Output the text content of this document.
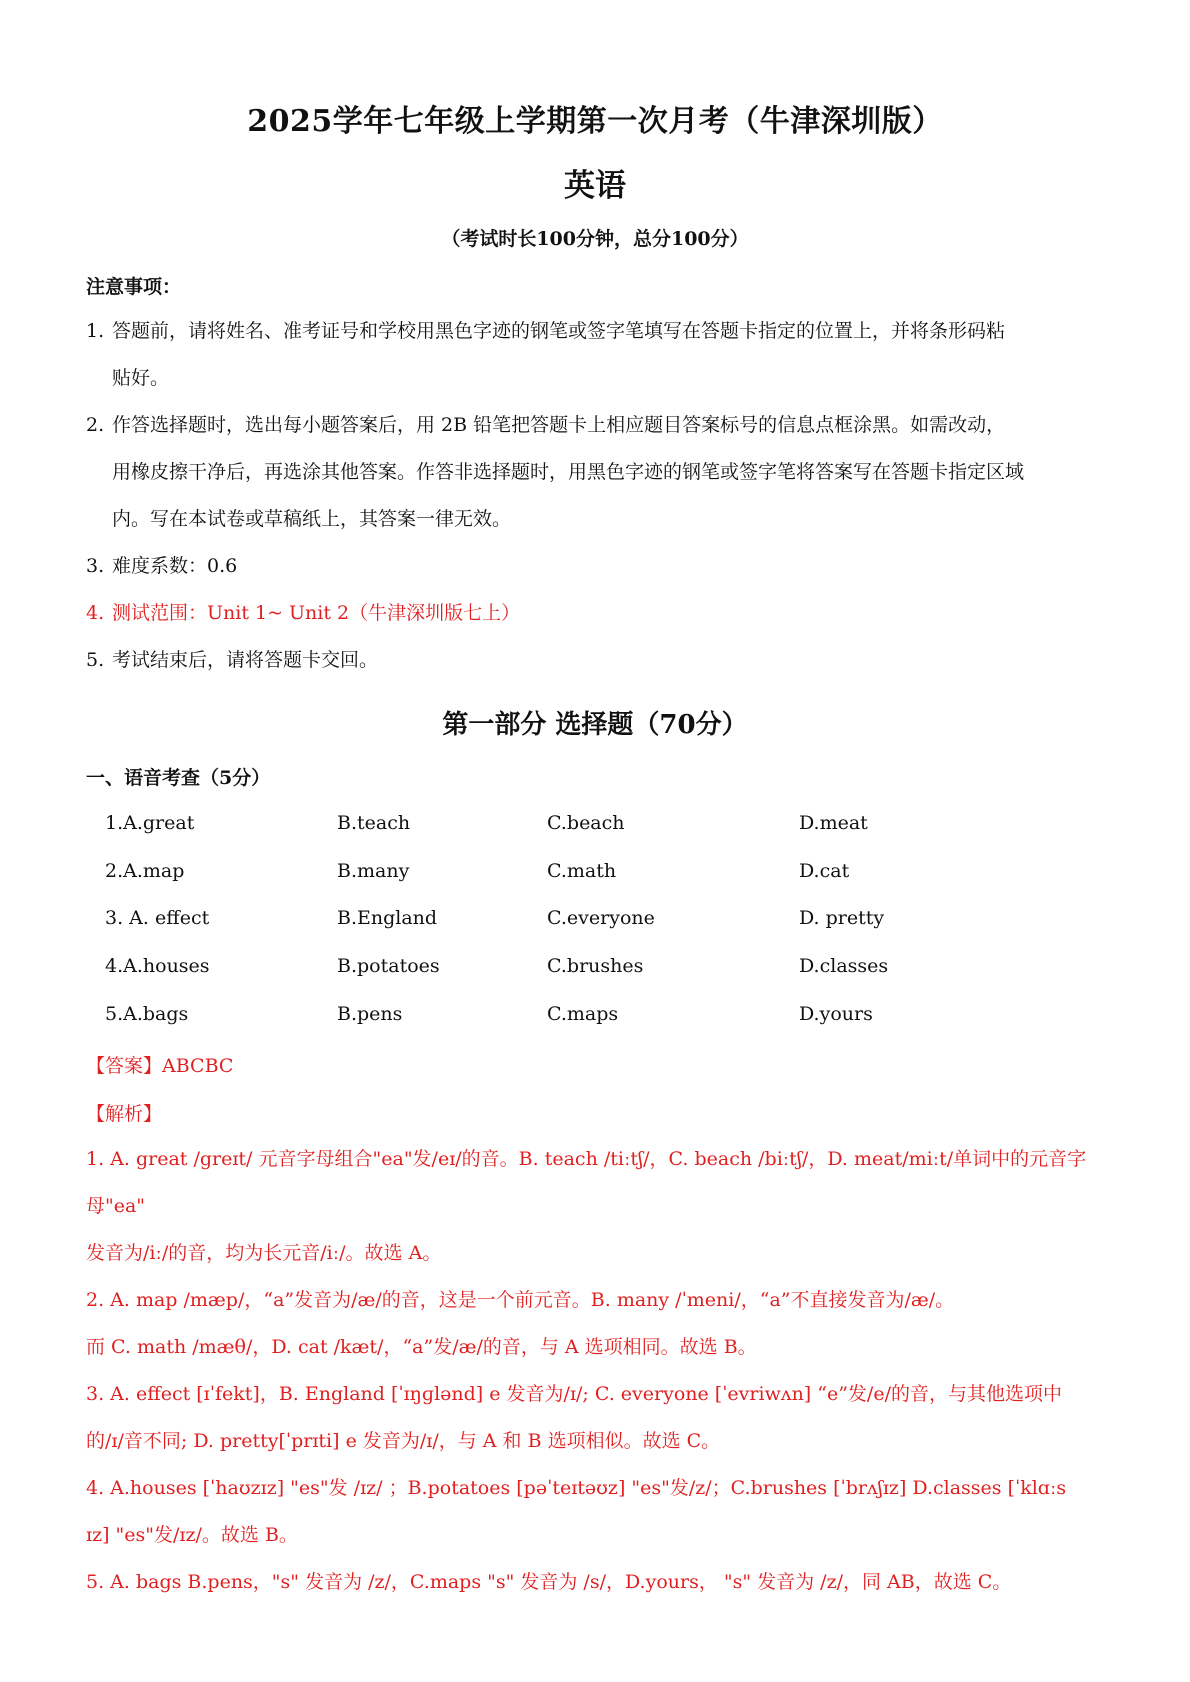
2025学年七年级上学期第一次月考（牛津深圳版）
英语
（考试时长100分钟，总分100分）
注意事项：
1. 答题前，请将姓名、准考证号和学校用黑色字迹的钢笔或签字笔填写在答题卡指定的位置上，并将条形码粘
贴好。
2. 作答选择题时，选出每小题答案后，用 2B 铅笔把答题卡上相应题目答案标号的信息点框涂黑。如需改动，
用橡皮擦干净后，再选涂其他答案。作答非选择题时，用黑色字迹的钢笔或签字笔将答案写在答题卡指定区域
内。写在本试卷或草稿纸上，其答案一律无效。
3. 难度系数：0.6
4. 测试范围：Unit 1~ Unit 2（牛津深圳版七上）
5. 考试结束后，请将答题卡交回。
第一部分 选择题（70分）
一、语音考查（5分）
1.A.great	B.teach	C.beach	D.meat
2.A.map	B.many	C.math	D.cat
3. A. effect	B.England	C.everyone	D. pretty
4.A.houses	B.potatoes	C.brushes	D.classes
5.A.bags	B.pens	C.maps	D.yours
【答案】ABCBC
【解析】

1. A. great /greɪt/ 元音字母组合"ea"发/eɪ/的音。B. teach /tiːtʃ/，C. beach /biːtʃ/，D. meat/miːt/单词中的元音字母"ea"

发音为/iː/的音，均为长元音/iː/。故选 A。

2. A. map /mæp/，“a”发音为/æ/的音，这是一个前元音。B. many /ˈmeni/，“a”不直接发音为/æ/。

而 C. math /mæθ/，D. cat /kæt/，“a”发/æ/的音，与 A 选项相同。故选 B。

3. A. effect [ɪˈfekt]，B. England [ˈɪŋɡlənd] e 发音为/ɪ/; C. everyone [ˈevriwʌn] “e”发/e/的音，与其他选项中

的/ɪ/音不同; D. pretty[ˈprɪti] e 发音为/ɪ/，与 A 和 B 选项相似。故选 C。

4. A.houses [ˈhaʊzɪz] "es"发 /ɪz/ ；B.potatoes [pəˈteɪtəʊz] "es"发/z/；C.brushes [ˈbrʌʃɪz] D.classes [ˈklɑːs

ɪz] "es"发/ɪz/。故选 B。

5. A. bags B.pens，"s" 发音为 /z/，C.maps "s" 发音为 /s/，D.yours， "s" 发音为 /z/，同 AB，故选 C。
